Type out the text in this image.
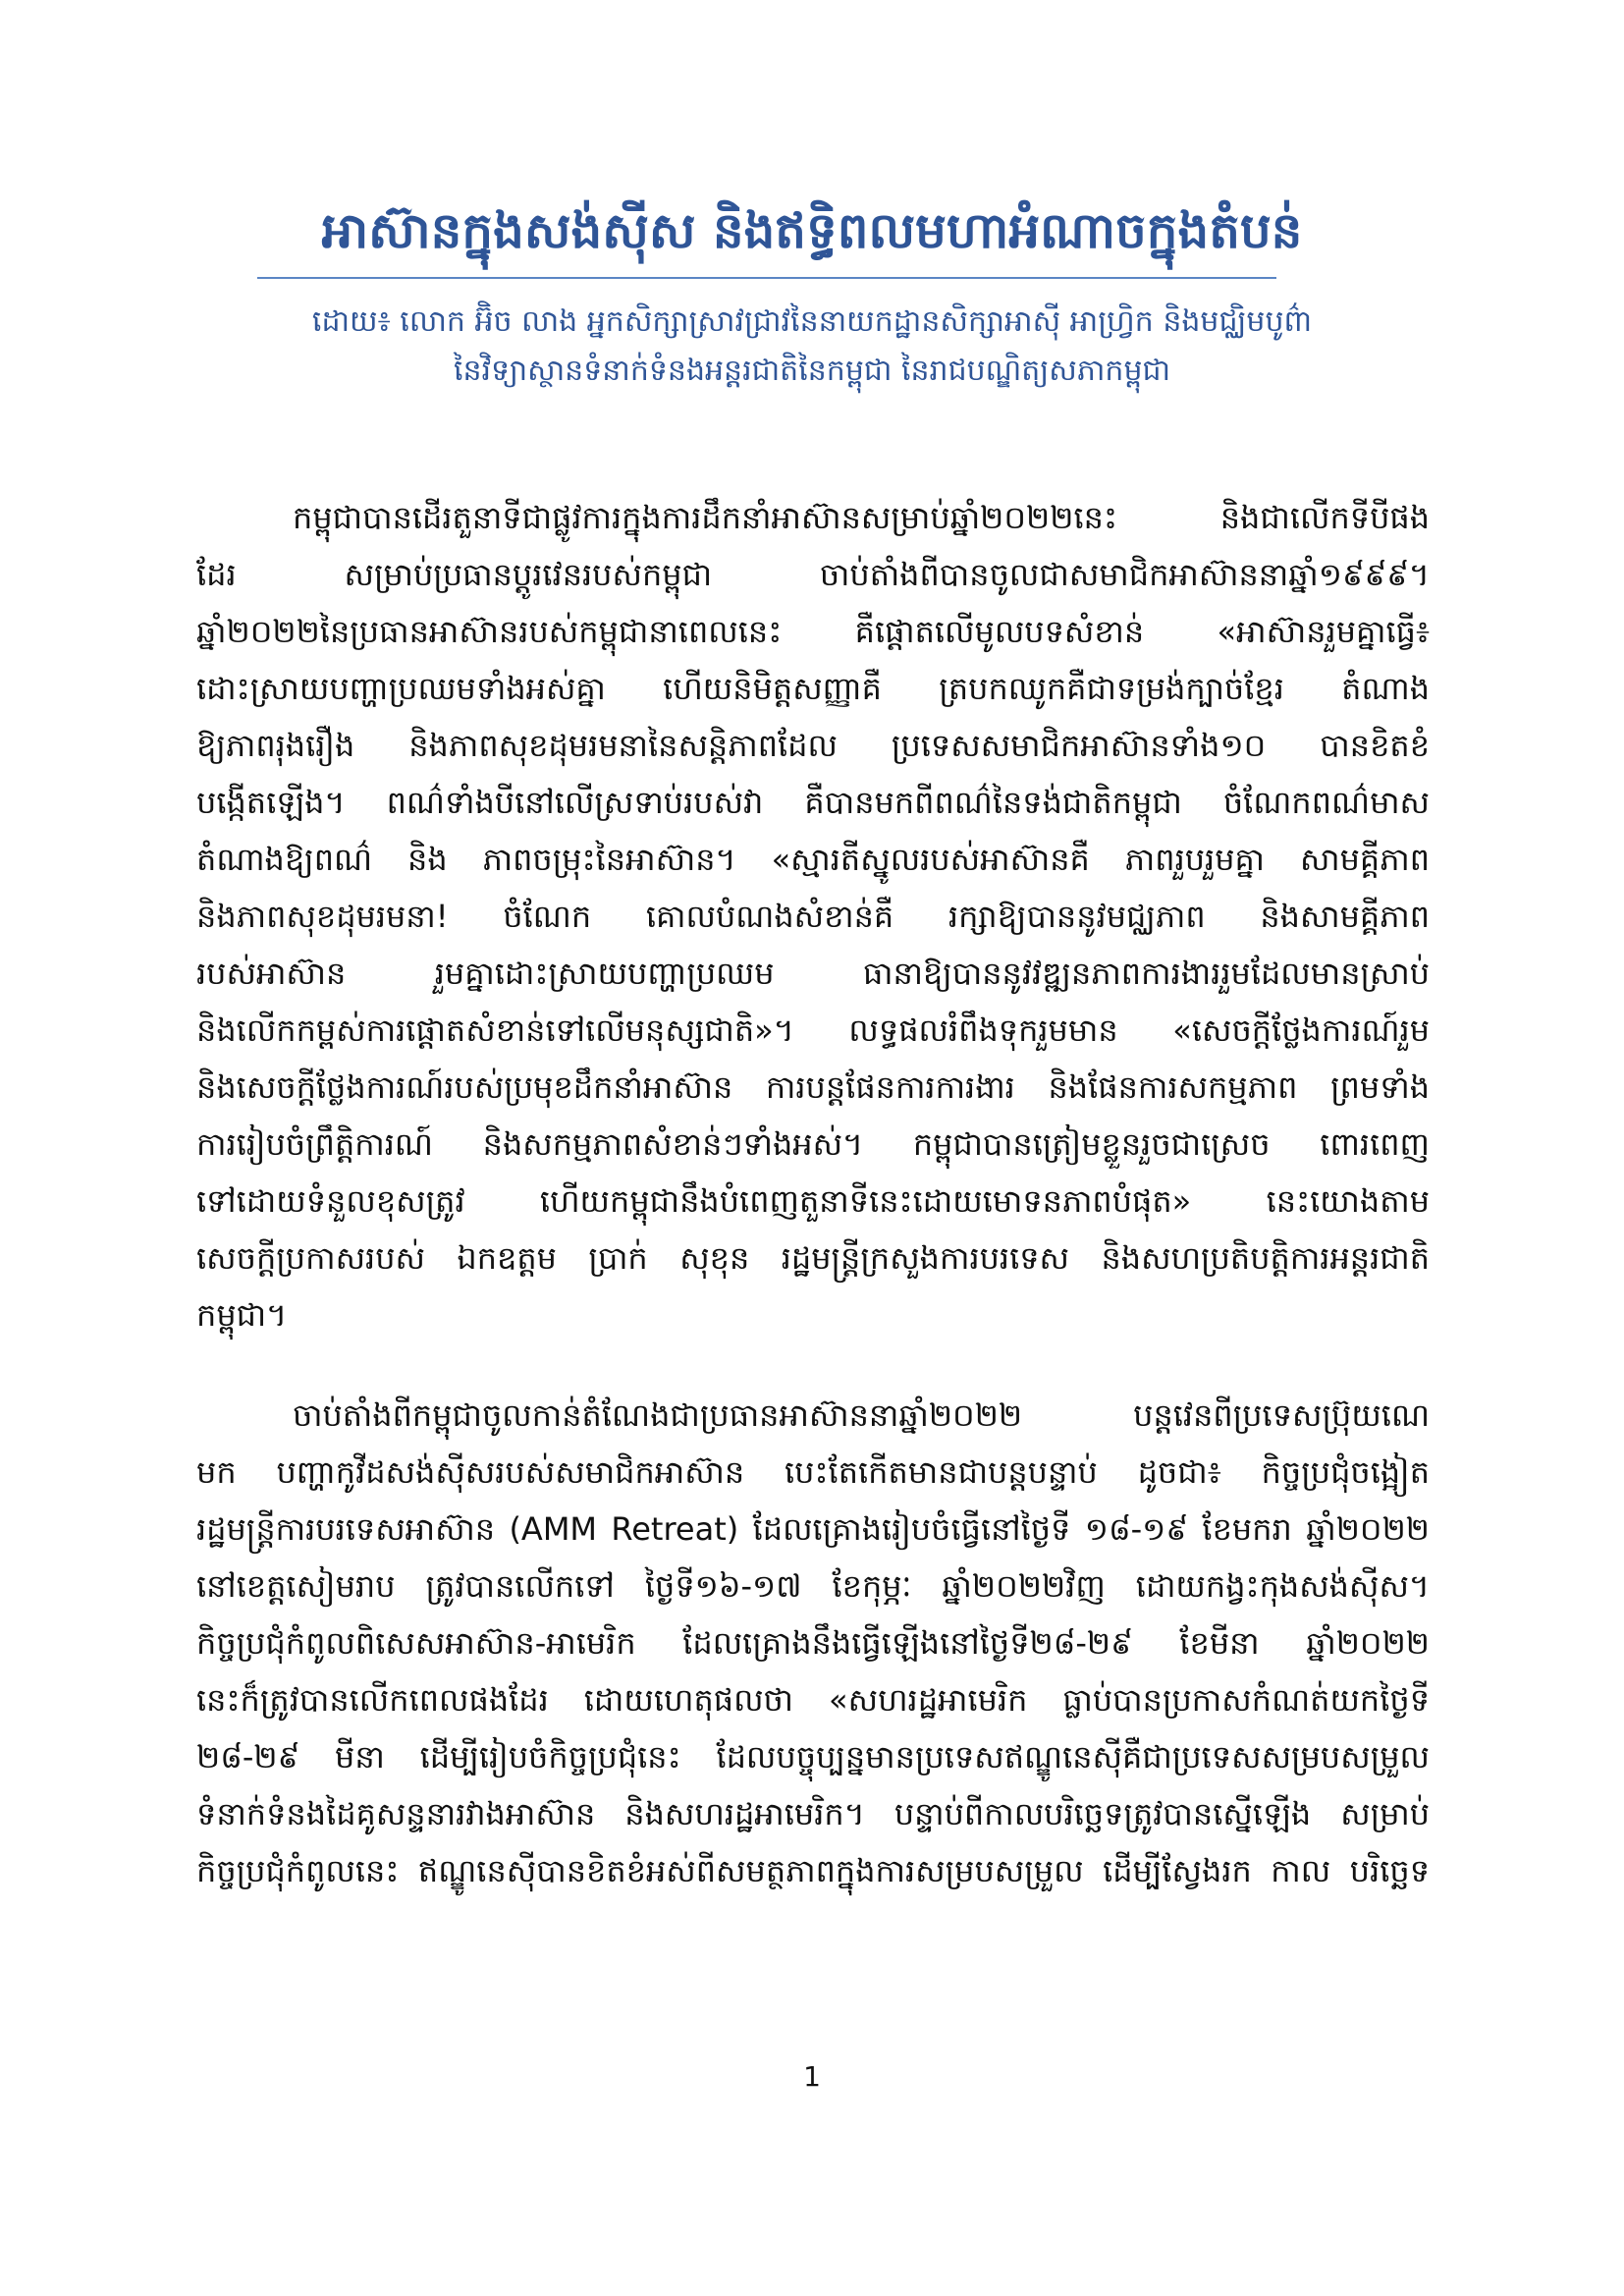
អាស៊ានក្នុងសង់ស៊ីស និងឥទ្ធិពលមហាអំណាចក្នុងតំបន់
ដោយ៖ លោក អ៊ិច លាង អ្នកសិក្សាស្រាវជ្រាវនៃនាយកដ្ឋានសិក្សាអាស៊ី អាហ្វ្រិក និងមជ្ឈិមបូព៌ា
នៃវិទ្យាស្ថានទំនាក់ទំនងអន្តរជាតិនៃកម្ពុជា នៃរាជបណ្ឌិត្យសភាកម្ពុជា
កម្ពុជាបានដើរតួនាទីជាផ្លូវការក្នុងការដឹកនាំអាស៊ានសម្រាប់ឆ្នាំ២០២២នេះ និងជាលើកទីបីផង
ដែរ សម្រាប់ប្រធានប្តូរវេនរបស់កម្ពុជា ចាប់តាំងពីបានចូលជាសមាជិកអាស៊ាននាឆ្នាំ១៩៩៩។
ឆ្នាំ២០២២នៃប្រធានអាស៊ានរបស់កម្ពុជានាពេលនេះ គឺផ្តោតលើមូលបទសំខាន់ «អាស៊ានរួមគ្នាធ្វើ៖
ដោះស្រាយបញ្ហាប្រឈមទាំងអស់គ្នា ហើយនិមិត្តសញ្ញាគឺ ត្របកឈូកគឺជាទម្រង់ក្បាច់ខ្មែរ តំណាង
ឱ្យភាពរុងរឿង និងភាពសុខដុមរមនានៃសន្តិភាពដែល ប្រទេសសមាជិកអាស៊ានទាំង១០ បានខិតខំ
បង្កើតឡើង។ ពណ៌ទាំងបីនៅលើស្រទាប់របស់វា គឺបានមកពីពណ៌នៃទង់ជាតិកម្ពុជា ចំណែកពណ៌មាស
តំណាងឱ្យពណ៌ និង ភាពចម្រុះនៃអាស៊ាន។ «ស្មារតីស្នូលរបស់អាស៊ានគឺ ភាពរួបរួមគ្នា សាមគ្គីភាព
និងភាពសុខដុមរមនា! ចំណែក គោលបំណងសំខាន់គឺ រក្សាឱ្យបាននូវមជ្ឈភាព និងសាមគ្គីភាព
របស់អាស៊ាន រួមគ្នាដោះស្រាយបញ្ហាប្រឈម ធានាឱ្យបាននូវវឌ្ឍនភាពការងាររួមដែលមានស្រាប់
និងលើកកម្ពស់ការផ្តោតសំខាន់ទៅលើមនុស្សជាតិ»។ លទ្ធផលរំពឹងទុករួមមាន «សេចក្តីថ្លែងការណ៍រួម
និងសេចក្តីថ្លែងការណ៍របស់ប្រមុខដឹកនាំអាស៊ាន ការបន្តផែនការការងារ និងផែនការសកម្មភាព ព្រមទាំង
ការរៀបចំព្រឹត្តិការណ៍ និងសកម្មភាពសំខាន់ៗទាំងអស់។ កម្ពុជាបានត្រៀមខ្លួនរួចជាស្រេច ពោរពេញ
ទៅដោយទំនួលខុសត្រូវ ហើយកម្ពុជានឹងបំពេញតួនាទីនេះដោយមោទនភាពបំផុត» នេះយោងតាម
សេចក្តីប្រកាសរបស់ ឯកឧត្តម ប្រាក់ សុខុន រដ្ឋមន្ត្រីក្រសួងការបរទេស និងសហប្រតិបត្តិការអន្តរជាតិ
កម្ពុជា។
ចាប់តាំងពីកម្ពុជាចូលកាន់តំណែងជាប្រធានអាស៊ាននាឆ្នាំ២០២២ បន្តវេនពីប្រទេសប្រ៊ុយណេ
មក បញ្ហាកូវីដសង់ស៊ីសរបស់សមាជិកអាស៊ាន បេះតែកើតមានជាបន្តបន្ទាប់ ដូចជា៖ កិច្ចប្រជុំចង្អៀត
រដ្ឋមន្ត្រីការបរទេសអាស៊ាន (AMM Retreat) ដែលគ្រោងរៀបចំធ្វើនៅថ្ងៃទី ១៨-១៩ ខែមករា ឆ្នាំ២០២២
នៅខេត្តសៀមរាប ត្រូវបានលើកទៅ ថ្ងៃទី១៦-១៧ ខែកុម្ភៈ ឆ្នាំ២០២២វិញ ដោយកង្វះកុងសង់ស៊ីស។
កិច្ចប្រជុំកំពូលពិសេសអាស៊ាន-អាមេរិក ដែលគ្រោងនឹងធ្វើឡើងនៅថ្ងៃទី២៨-២៩ ខែមីនា ឆ្នាំ២០២២
នេះក៏ត្រូវបានលើកពេលផងដែរ ដោយហេតុផលថា «សហរដ្ឋអាមេរិក ធ្លាប់បានប្រកាសកំណត់យកថ្ងៃទី
២៨-២៩ មីនា ដើម្បីរៀបចំកិច្ចប្រជុំនេះ ដែលបច្ចុប្បន្នមានប្រទេសឥណ្ឌូនេស៊ីគឺជាប្រទេសសម្របសម្រួល
ទំនាក់ទំនងដៃគូសន្ទនារវាងអាស៊ាន និងសហរដ្ឋអាមេរិក។ បន្ទាប់ពីកាលបរិច្ឆេទត្រូវបានស្នើឡើង សម្រាប់
កិច្ចប្រជុំកំពូលនេះ ឥណ្ឌូនេស៊ីបានខិតខំអស់ពីសមត្ថភាពក្នុងការសម្របសម្រួល ដើម្បីស្វែងរក កាល បរិច្ឆេទ
1
